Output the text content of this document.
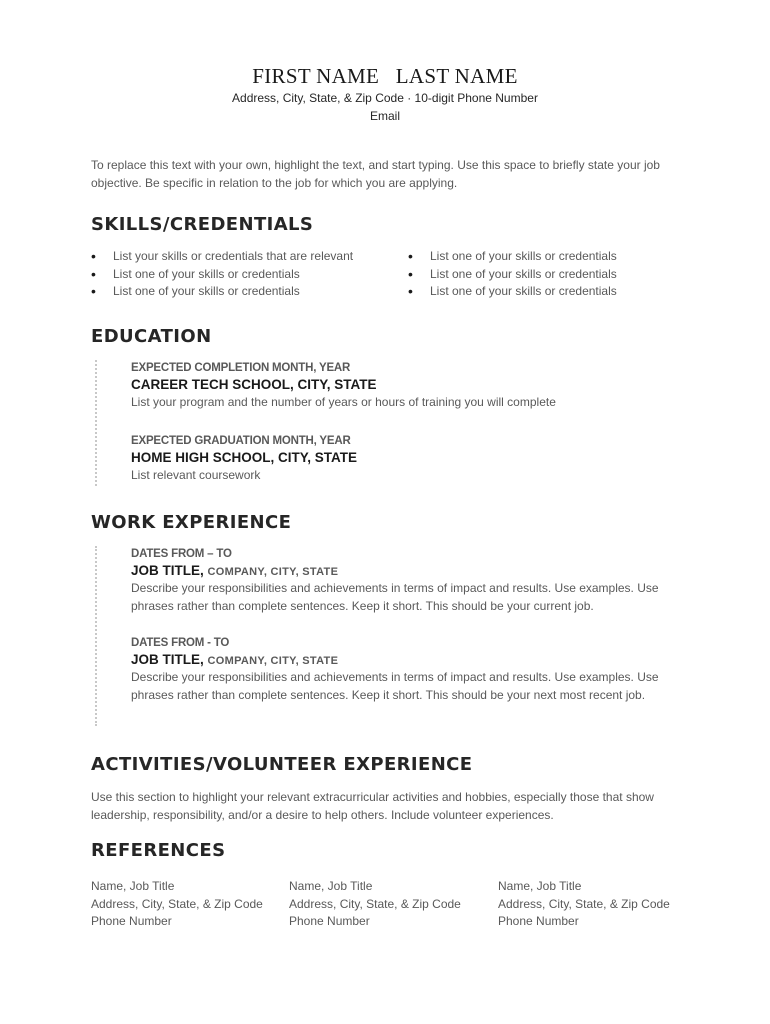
FIRST NAME   LAST NAME
Address, City, State, & Zip Code · 10-digit Phone Number
Email
To replace this text with your own, highlight the text, and start typing. Use this space to briefly state your job objective. Be specific in relation to the job for which you are applying.
SKILLS/CREDENTIALS
• List your skills or credentials that are relevant
• List one of your skills or credentials
• List one of your skills or credentials
• List one of your skills or credentials
• List one of your skills or credentials
• List one of your skills or credentials
EDUCATION
EXPECTED COMPLETION MONTH, YEAR
CAREER TECH SCHOOL, CITY, STATE
List your program and the number of years or hours of training you will complete
EXPECTED GRADUATION MONTH, YEAR
HOME HIGH SCHOOL, CITY, STATE
List relevant coursework
WORK EXPERIENCE
DATES FROM – TO
JOB TITLE, COMPANY, CITY, STATE
Describe your responsibilities and achievements in terms of impact and results. Use examples. Use phrases rather than complete sentences. Keep it short. This should be your current job.
DATES FROM - TO
JOB TITLE, COMPANY, CITY, STATE
Describe your responsibilities and achievements in terms of impact and results. Use examples. Use phrases rather than complete sentences. Keep it short. This should be your next most recent job.
ACTIVITIES/VOLUNTEER EXPERIENCE
Use this section to highlight your relevant extracurricular activities and hobbies, especially those that show leadership, responsibility, and/or a desire to help others. Include volunteer experiences.
REFERENCES
Name, Job Title
Address, City, State, & Zip Code
Phone Number
Name, Job Title
Address, City, State, & Zip Code
Phone Number
Name, Job Title
Address, City, State, & Zip Code
Phone Number
